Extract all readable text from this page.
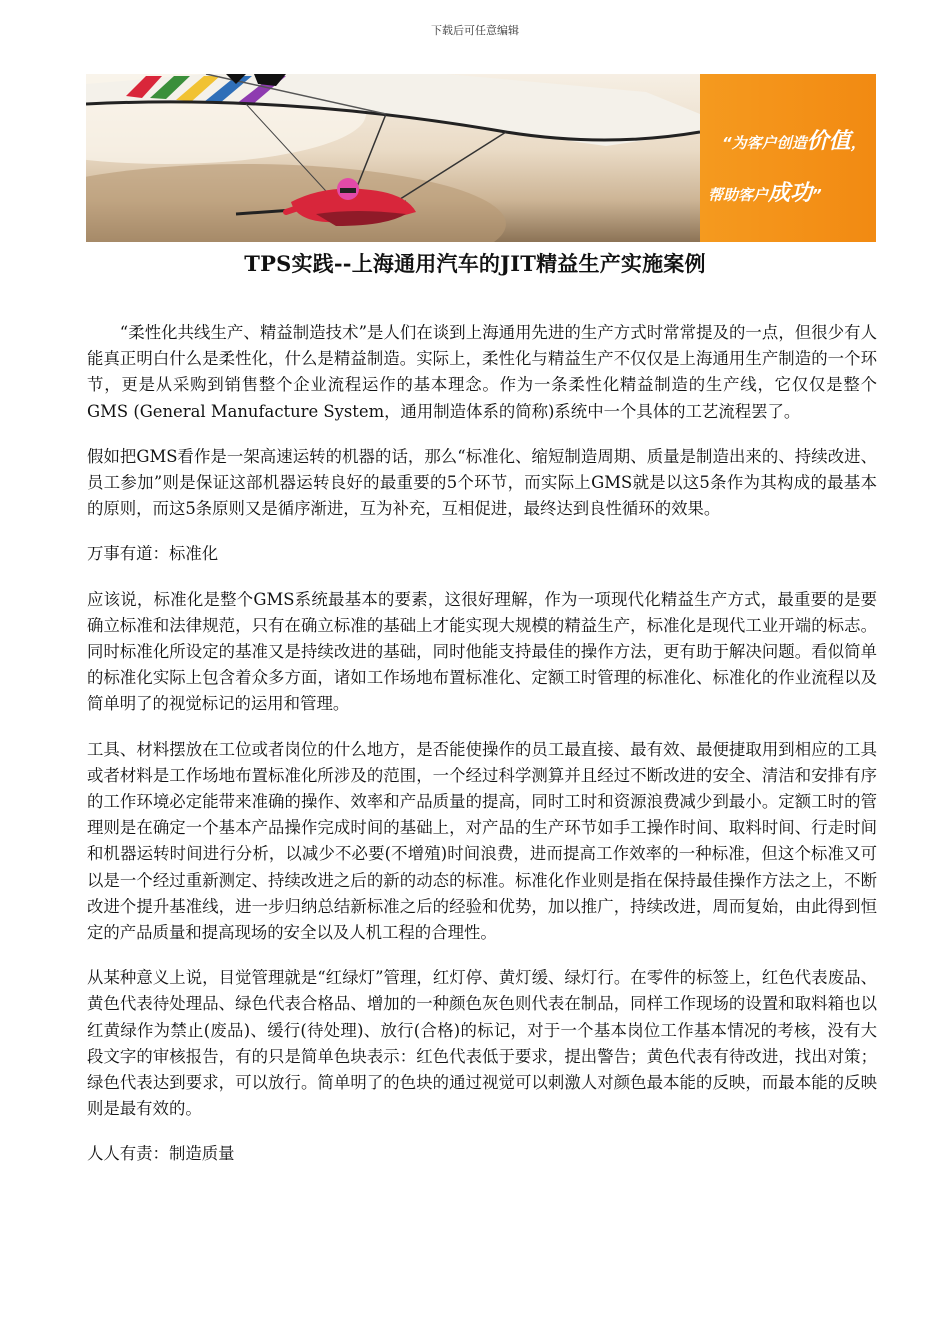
下载后可任意编辑
“为客户创造价值，
帮助客户成功”
TPS实践--上海通用汽车的JIT精益生产实施案例

“柔性化共线生产、精益制造技术”是人们在谈到上海通用先进的生产方式时常常提及的一点，但很少有人能真正明白什么是柔性化，什么是精益制造。实际上，柔性化与精益生产不仅仅是上海通用生产制造的一个环节，更是从采购到销售整个企业流程运作的基本理念。作为一条柔性化精益制造的生产线，它仅仅是整个GMS (General Manufacture System，通用制造体系的简称)系统中一个具体的工艺流程罢了。

假如把GMS看作是一架高速运转的机器的话，那么“标准化、缩短制造周期、质量是制造出来的、持续改进、员工参加”则是保证这部机器运转良好的最重要的5个环节，而实际上GMS就是以这5条作为其构成的最基本的原则，而这5条原则又是循序渐进，互为补充，互相促进，最终达到良性循环的效果。

万事有道：标准化

应该说，标准化是整个GMS系统最基本的要素，这很好理解，作为一项现代化精益生产方式，最重要的是要确立标准和法律规范，只有在确立标准的基础上才能实现大规模的精益生产，标准化是现代工业开端的标志。同时标准化所设定的基准又是持续改进的基础，同时他能支持最佳的操作方法，更有助于解决问题。看似简单的标准化实际上包含着众多方面，诸如工作场地布置标准化、定额工时管理的标准化、标准化的作业流程以及简单明了的视觉标记的运用和管理。

工具、材料摆放在工位或者岗位的什么地方，是否能使操作的员工最直接、最有效、最便捷取用到相应的工具或者材料是工作场地布置标准化所涉及的范围，一个经过科学测算并且经过不断改进的安全、清洁和安排有序的工作环境必定能带来准确的操作、效率和产品质量的提高，同时工时和资源浪费减少到最小。定额工时的管理则是在确定一个基本产品操作完成时间的基础上，对产品的生产环节如手工操作时间、取料时间、行走时间和机器运转时间进行分析，以减少不必要(不增殖)时间浪费，进而提高工作效率的一种标准，但这个标准又可以是一个经过重新测定、持续改进之后的新的动态的标准。标准化作业则是指在保持最佳操作方法之上，不断改进个提升基准线，进一步归纳总结新标准之后的经验和优势，加以推广，持续改进，周而复始，由此得到恒定的产品质量和提高现场的安全以及人机工程的合理性。

从某种意义上说，目觉管理就是“红绿灯”管理，红灯停、黄灯缓、绿灯行。在零件的标签上，红色代表废品、黄色代表待处理品、绿色代表合格品、增加的一种颜色灰色则代表在制品，同样工作现场的设置和取料箱也以红黄绿作为禁止(废品)、缓行(待处理)、放行(合格)的标记，对于一个基本岗位工作基本情况的考核，没有大段文字的审核报告，有的只是简单色块表示：红色代表低于要求，提出警告；黄色代表有待改进，找出对策；绿色代表达到要求，可以放行。简单明了的色块的通过视觉可以刺激人对颜色最本能的反映，而最本能的反映则是最有效的。

人人有责：制造质量
